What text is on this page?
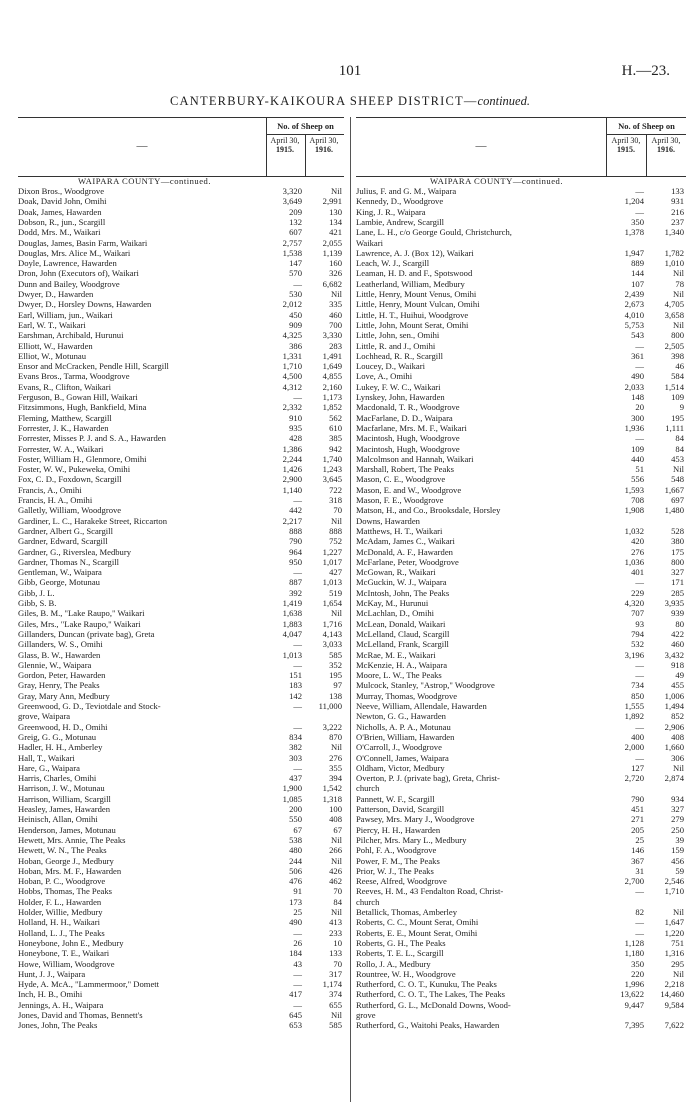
101	H.—23.
CANTERBURY-KAIKOURA SHEEP DISTRICT—continued.
—
No. of Sheep on
April 30,
1915.
April 30,
1916.	—
No. of Sheep on
April 30,
1915.
April 30,
1916.
WAIPARA COUNTY—continued.	WAIPARA COUNTY—continued.
Dixon Bros., Woodgrove	3,320	Nil
Doak, David John, Omihi	3,649	2,991
Doak, James, Hawarden	209	130
Dobson, R., jun., Scargill	132	134
Dodd, Mrs. M., Waikari	607	421
Douglas, James, Basin Farm, Waikari	2,757	2,055
Douglas, Mrs. Alice M., Waikari	1,538	1,139
Doyle, Lawrence, Hawarden	147	160
Dron, John (Executors of), Waikari	570	326
Dunn and Bailey, Woodgrove	—	6,682
Dwyer, D., Hawarden	530	Nil
Dwyer, D., Horsley Downs, Hawarden	2,012	335
Earl, William, jun., Waikari	450	460
Earl, W. T., Waikari	909	700
Earshman, Archibald, Hurunui	4,325	3,330
Elliott, W., Hawarden	386	283
Elliot, W., Motunau	1,331	1,491
Ensor and McCracken, Pendle Hill, Scargill	1,710	1,649
Evans Bros., Tarma, Woodgrove	4,500	4,855
Evans, R., Clifton, Waikari	4,312	2,160
Ferguson, B., Gowan Hill, Waikari	—	1,173
Fitzsimmons, Hugh, Bankfield, Mina	2,332	1,852
Fleming, Matthew, Scargill	910	562
Forrester, J. K., Hawarden	935	610
Forrester, Misses P. J. and S. A., Hawarden	428	385
Forrester, W. A., Waikari	1,386	942
Foster, William H., Glenmore, Omihi	2,244	1,740
Foster, W. W., Pukeweka, Omihi	1,426	1,243
Fox, C. D., Foxdown, Scargill	2,900	3,645
Francis, A., Omihi	1,140	722
Francis, H. A., Omihi	—	318
Galletly, William, Woodgrove	442	70
Gardiner, L. C., Harakeke Street, Riccarton	2,217	Nil
Gardner, Albert G., Scargill	888	888
Gardner, Edward, Scargill	790	752
Gardner, G., Riverslea, Medbury	964	1,227
Gardner, Thomas N., Scargill	950	1,017
Gentleman, W., Waipara	—	427
Gibb, George, Motunau	887	1,013
Gibb, J. L.	392	519
Gibb, S. B.	1,419	1,654
Giles, B. M., "Lake Raupo," Waikari	1,638	Nil
Giles, Mrs., "Lake Raupo," Waikari	1,883	1,716
Gillanders, Duncan (private bag), Greta	4,047	4,143
Gillanders, W. S., Omihi	—	3,033
Glass, B. W., Hawarden	1,013	585
Glennie, W., Waipara	—	352
Gordon, Peter, Hawarden	151	195
Gray, Henry, The Peaks	183	97
Gray, Mary Ann, Medbury	142	138
Greenwood, G. D., Teviotdale and Stock-	—	11,000
grove, Waipara
Greenwood, H. D., Omihi	—	3,222
Greig, G. G., Motunau	834	870
Hadler, H. H., Amberley	382	Nil
Hall, T., Waikari	303	276
Hare, G., Waipara	—	355
Harris, Charles, Omihi	437	394
Harrison, J. W., Motunau	1,900	1,542
Harrison, William, Scargill	1,085	1,318
Heasley, James, Hawarden	200	100
Heinisch, Allan, Omihi	550	408
Henderson, James, Motunau	67	67
Hewett, Mrs. Annie, The Peaks	538	Nil
Hewett, W. N., The Peaks	480	266
Hoban, George J., Medbury	244	Nil
Hoban, Mrs. M. F., Hawarden	506	426
Hoban, P. C., Woodgrove	476	462
Hobbs, Thomas, The Peaks	91	70
Holder, F. L., Hawarden	173	84
Holder, Willie, Medbury	25	Nil
Holland, H. H., Waikari	490	413
Holland, L. J., The Peaks	—	233
Honeybone, John E., Medbury	26	10
Honeybone, T. E., Waikari	184	133
Howe, William, Woodgrove	43	70
Hunt, J. J., Waipara	—	317
Hyde, A. McA., "Lammermoor," Domett	—	1,174
Inch, H. B., Omihi	417	374
Jennings, A. H., Waipara	—	655
Jones, David and Thomas, Bennett's	645	Nil
Jones, John, The Peaks	653	585
Julius, F. and G. M., Waipara	—	133
Kennedy, D., Woodgrove	1,204	931
King, J. R., Waipara	—	216
Lambie, Andrew, Scargill	350	237
Lane, L. H., c/o George Gould, Christchurch,	1,378	1,340
Waikari
Lawrence, A. J. (Box 12), Waikari	1,947	1,782
Leach, W. J., Scargill	889	1,010
Leaman, H. D. and F., Spotswood	144	Nil
Leatherland, William, Medbury	107	78
Little, Henry, Mount Venus, Omihi	2,439	Nil
Little, Henry, Mount Vulcan, Omihi	2,673	4,705
Little, H. T., Huihui, Woodgrove	4,010	3,658
Little, John, Mount Serat, Omihi	5,753	Nil
Little, John, sen., Omihi	543	800
Little, R. and J., Omihi	—	2,505
Lochhead, R. R., Scargill	361	398
Loucey, D., Waikari	—	46
Love, A., Omihi	490	584
Lukey, F. W. C., Waikari	2,033	1,514
Lynskey, John, Hawarden	148	109
Macdonald, T. R., Woodgrove	20	9
MacFarlane, D. D., Waipara	300	195
Macfarlane, Mrs. M. F., Waikari	1,936	1,111
Macintosh, Hugh, Woodgrove	—	84
Macintosh, Hugh, Woodgrove	109	84
Malcolmson and Hannah, Waikari	440	453
Marshall, Robert, The Peaks	51	Nil
Mason, C. E., Woodgrove	556	548
Mason, E. and W., Woodgrove	1,593	1,667
Mason, F. E., Woodgrove	708	697
Matson, H., and Co., Brooksdale, Horsley	1,908	1,480
Downs, Hawarden
Matthews, H. T., Waikari	1,032	528
McAdam, James C., Waikari	420	380
McDonald, A. F., Hawarden	276	175
McFarlane, Peter, Woodgrove	1,036	800
McGowan, R., Waikari	401	327
McGuckin, W. J., Waipara	—	171
McIntosh, John, The Peaks	229	285
McKay, M., Hurunui	4,320	3,935
McLachlan, D., Omihi	707	939
McLean, Donald, Waikari	93	80
McLelland, Claud, Scargill	794	422
McLelland, Frank, Scargill	532	460
McRae, M. E., Waikari	3,196	3,432
McKenzie, H. A., Waipara	—	918
Moore, L. W., The Peaks	—	49
Mulcock, Stanley, "Astrop," Woodgrove	734	455
Murray, Thomas, Woodgrove	850	1,006
Neeve, William, Allendale, Hawarden	1,555	1,494
Newton, G. G., Hawarden	1,892	852
Nicholls, A. P. A., Motunau	—	2,906
O'Brien, William, Hawarden	400	408
O'Carroll, J., Woodgrove	2,000	1,660
O'Connell, James, Waipara	—	306
Oldham, Victor, Medbury	127	Nil
Overton, P. J. (private bag), Greta, Christ-	2,720	2,874
church
Pannett, W. F., Scargill	790	934
Patterson, David, Scargill	451	327
Pawsey, Mrs. Mary J., Woodgrove	271	279
Piercy, H. H., Hawarden	205	250
Pilcher, Mrs. Mary L., Medbury	25	39
Pohl, F. A., Woodgrove	146	159
Power, F. M., The Peaks	367	456
Prior, W. J., The Peaks	31	59
Reese, Alfred, Woodgrove	2,700	2,546
Reeves, H. M., 43 Fendalton Road, Christ-	—	1,710
church
Betallick, Thomas, Amberley	82	Nil
Roberts, C. C., Mount Serat, Omihi	—	1,647
Roberts, E. E., Mount Serat, Omihi	—	1,220
Roberts, G. H., The Peaks	1,128	751
Roberts, T. E. L., Scargill	1,180	1,316
Rollo, J. A., Medbury	350	295
Rountree, W. H., Woodgrove	220	Nil
Rutherford, C. O. T., Kunuku, The Peaks	1,996	2,218
Rutherford, C. O. T., The Lakes, The Peaks	13,622	14,460
Rutherford, G. L., McDonald Downs, Wood-	9,447	9,584
grove
Rutherford, G., Waitohi Peaks, Hawarden	7,395	7,622
